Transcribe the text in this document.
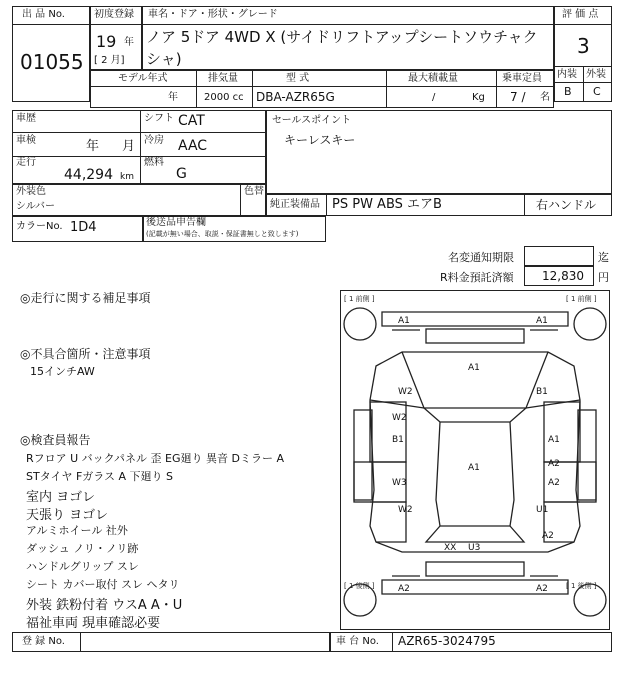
出 品 No.
01055
初度登録
19 年
[ 2 月]
車名・ドア・形状・グレード
ノア 5ドア 4WD X (サイドリフトアップシートソウチャク
シャ)
評 価 点
3
内装 外装
B C
モデル年式
年
排気量
2000 cc
型 式
DBA-AZR65G
最大積載量
/	Kg
乗車定員
7 / 名
車歴	シフト CAT
車検	年 月 冷房 AAC
走行
44,294 km
燃料
G
セールスポイント
キーレスキー
外装色
シルバー
色替
純正装備品 PS PW ABS エアB	右ハンドル
カラーNo. 1D4	後送品申告欄
(記載が無い場合、取説・保証書無しと致します)
名変通知期限	迄
R料金預託済額 12,830 円
◎走行に関する補足事項
◎不具合箇所・注意事項
15インチAW
◎検査員報告
Rフロア U バックパネル 歪 EG廻り 異音 Dミラー A
STタイヤ Fガラス A 下廻り S
室内 ヨゴレ
天張り ヨゴレ
アルミホイール 社外
ダッシュ ノリ・ノリ跡
ハンドルグリップ スレ
シート カバー取付 スレ ヘタリ
外装 鉄粉付着 ウスA A・U
福祉車両 現車確認必要
[ 1 前側 ]	[ 1 前側 ]
[ 1 後側 ]	[ 1 後側 ]
A1	A1
A1
W2	B1
W2
B1	A1
A1	A2
A2
W3
W2	U1
A2
XX U3
A2	A2
登 録 No.	車 台 No. AZR65-3024795
